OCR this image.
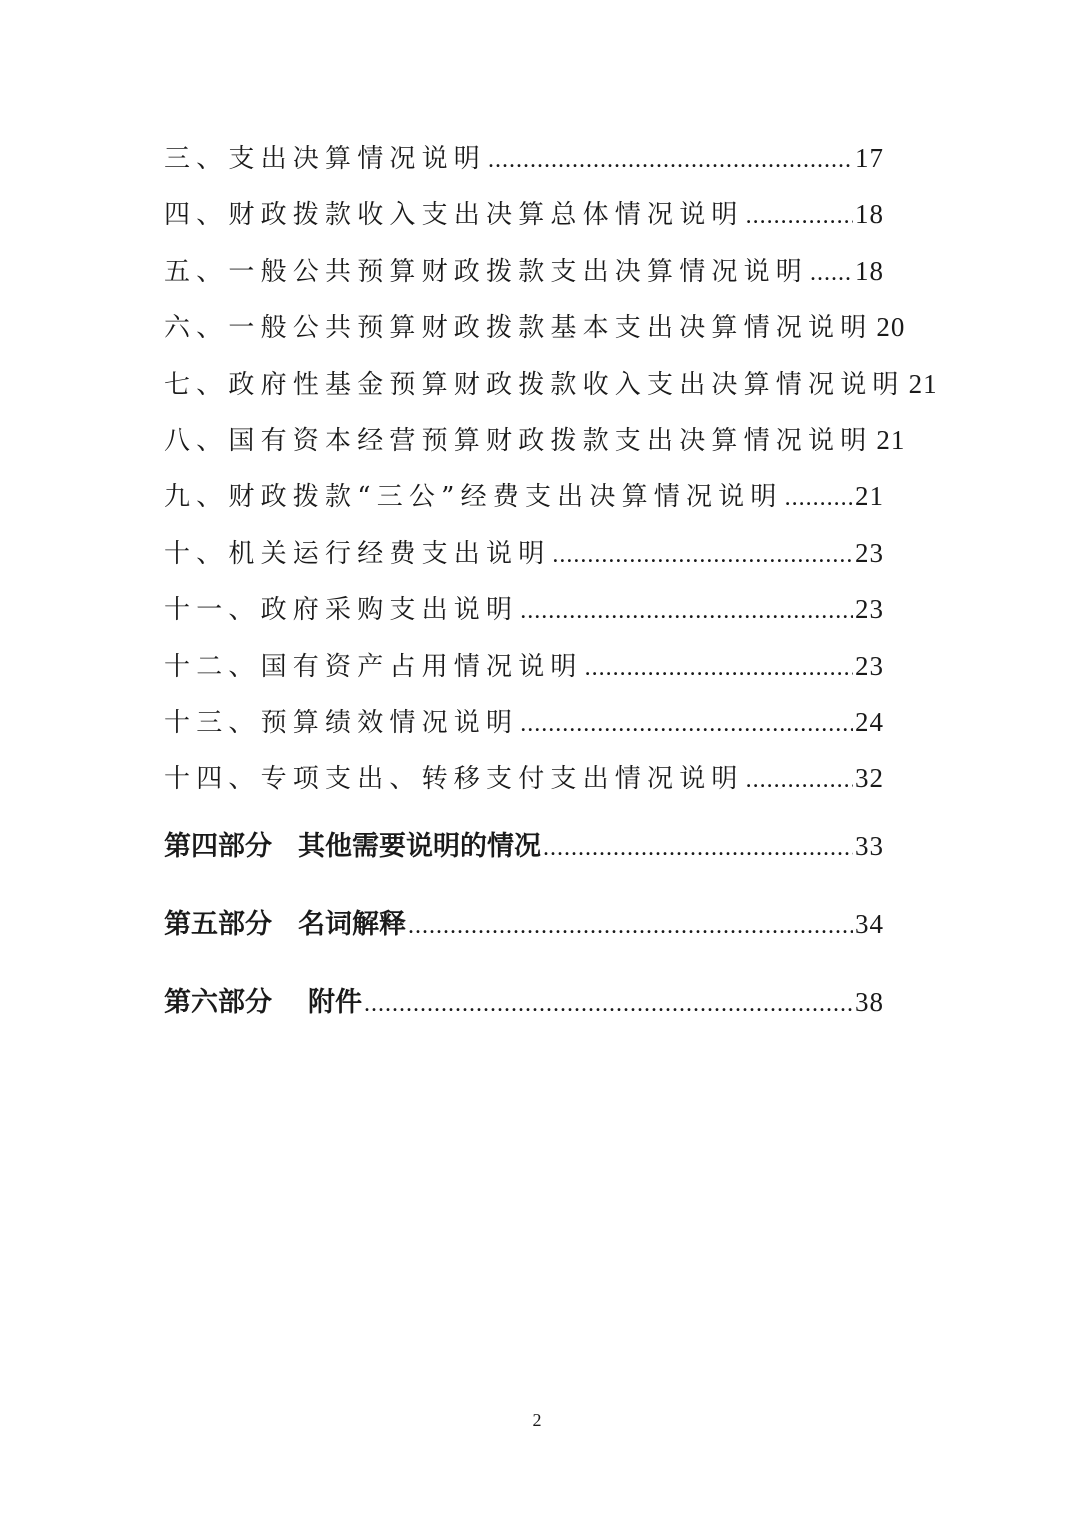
三、支出决算情况说明 .....	17
四、财政拨款收入支出决算总体情况说明 .....	18
五、一般公共预算财政拨款支出决算情况说明 ..... 18
六、一般公共预算财政拨款基本支出决算情况说明 20
七、政府性基金预算财政拨款收入支出决算情况说明 21
八、国有资本经营预算财政拨款支出决算情况说明 21
九、财政拨款“三公”经费支出决算情况说明 .....	21
十、机关运行经费支出说明 .....	23
十一、政府采购支出说明 .....	23
十二、国有资产占用情况说明 .....	23
十三、预算绩效情况说明 .....	24
十四、专项支出、转移支付支出情况说明 .....	32
第四部分 其他需要说明的情况 .....	33
第五部分 名词解释 .....	34
第六部分 附件 .....	38
2
